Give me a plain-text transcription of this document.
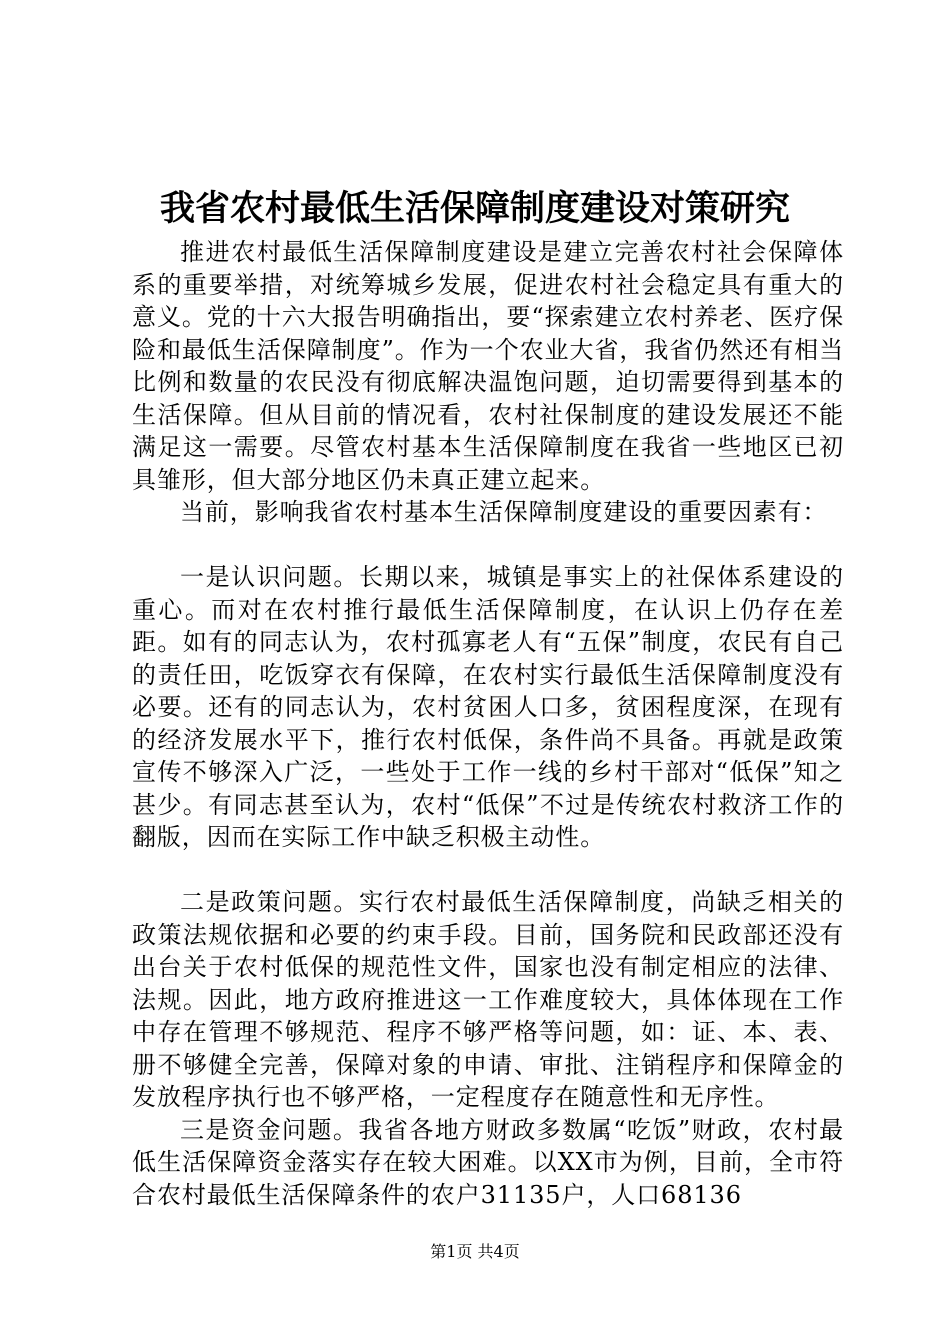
我省农村最低生活保障制度建设对策研究

推进农村最低生活保障制度建设是建立完善农村社会保障体系的重要举措，对统筹城乡发展，促进农村社会稳定具有重大的意义。党的十六大报告明确指出，要“探索建立农村养老、医疗保险和最低生活保障制度”。作为一个农业大省，我省仍然还有相当比例和数量的农民没有彻底解决温饱问题，迫切需要得到基本的生活保障。但从目前的情况看，农村社保制度的建设发展还不能满足这一需要。尽管农村基本生活保障制度在我省一些地区已初具雏形，但大部分地区仍未真正建立起来。

当前，影响我省农村基本生活保障制度建设的重要因素有：

一是认识问题。长期以来，城镇是事实上的社保体系建设的重心。而对在农村推行最低生活保障制度，在认识上仍存在差距。如有的同志认为，农村孤寡老人有“五保”制度，农民有自己的责任田，吃饭穿衣有保障，在农村实行最低生活保障制度没有必要。还有的同志认为，农村贫困人口多，贫困程度深，在现有的经济发展水平下，推行农村低保，条件尚不具备。再就是政策宣传不够深入广泛，一些处于工作一线的乡村干部对“低保”知之甚少。有同志甚至认为，农村“低保”不过是传统农村救济工作的翻版，因而在实际工作中缺乏积极主动性。

二是政策问题。实行农村最低生活保障制度，尚缺乏相关的政策法规依据和必要的约束手段。目前，国务院和民政部还没有出台关于农村低保的规范性文件，国家也没有制定相应的法律、法规。因此，地方政府推进这一工作难度较大，具体体现在工作中存在管理不够规范、程序不够严格等问题，如：证、本、表、册不够健全完善，保障对象的申请、审批、注销程序和保障金的发放程序执行也不够严格，一定程度存在随意性和无序性。

三是资金问题。我省各地方财政多数属“吃饭”财政，农村最低生活保障资金落实存在较大困难。以XX市为例，目前，全市符合农村最低生活保障条件的农户31135户，人口68136

第1页 共4页
